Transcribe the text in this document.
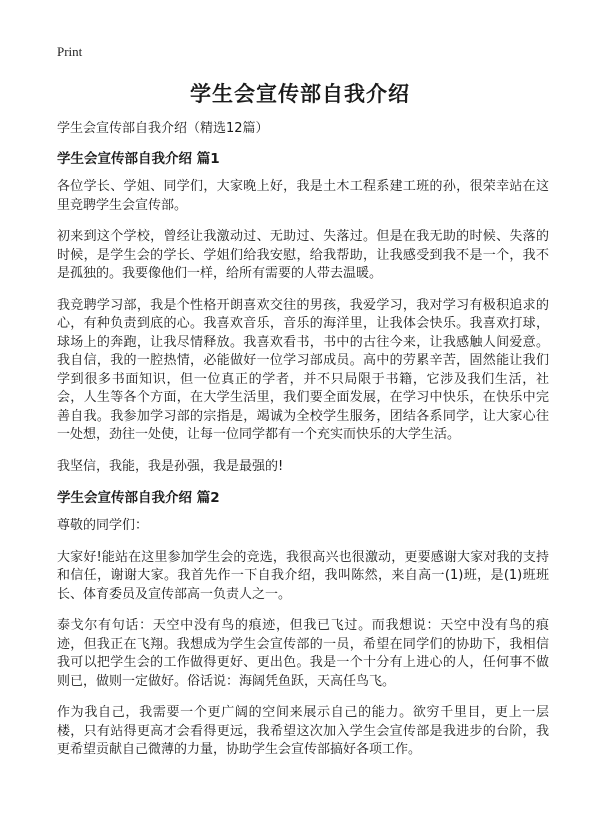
Print
学生会宣传部自我介绍

学生会宣传部自我介绍（精选12篇）

学生会宣传部自我介绍 篇1

各位学长、学姐、同学们，大家晚上好，我是土木工程系建工班的孙，很荣幸站在这里竞聘学生会宣传部。

初来到这个学校，曾经让我激动过、无助过、失落过。但是在我无助的时候、失落的时候，是学生会的学长、学姐们给我安慰，给我帮助，让我感受到我不是一个，我不是孤独的。我要像他们一样，给所有需要的人带去温暖。

我竞聘学习部，我是个性格开朗喜欢交往的男孩，我爱学习，我对学习有极积追求的心，有种负责到底的心。我喜欢音乐，音乐的海洋里，让我体会快乐。我喜欢打球，球场上的奔跑，让我尽情释放。我喜欢看书，书中的古往今来，让我感触人间爱意。我自信，我的一腔热情，必能做好一位学习部成员。高中的劳累辛苦，固然能让我们学到很多书面知识，但一位真正的学者，并不只局限于书籍，它涉及我们生活，社会，人生等各个方面，在大学生活里，我们要全面发展，在学习中快乐，在快乐中完善自我。我参加学习部的宗指是，竭诚为全校学生服务，团结各系同学，让大家心往一处想，劲往一处使，让每一位同学都有一个充实而快乐的大学生活。

我坚信，我能，我是孙强，我是最强的!

学生会宣传部自我介绍 篇2

尊敬的同学们：

大家好!能站在这里参加学生会的竞选，我很高兴也很激动，更要感谢大家对我的支持和信任，谢谢大家。我首先作一下自我介绍，我叫陈然，来自高一(1)班，是(1)班班长、体育委员及宣传部高一负责人之一。

泰戈尔有句话：天空中没有鸟的痕迹，但我已飞过。而我想说：天空中没有鸟的痕迹，但我正在飞翔。我想成为学生会宣传部的一员，希望在同学们的协助下，我相信我可以把学生会的工作做得更好、更出色。我是一个十分有上进心的人，任何事不做则已，做则一定做好。俗话说：海阔凭鱼跃，天高任鸟飞。

作为我自己，我需要一个更广阔的空间来展示自己的能力。欲穷千里目，更上一层楼，只有站得更高才会看得更远，我希望这次加入学生会宣传部是我进步的台阶，我更希望贡献自己微薄的力量，协助学生会宣传部搞好各项工作。
